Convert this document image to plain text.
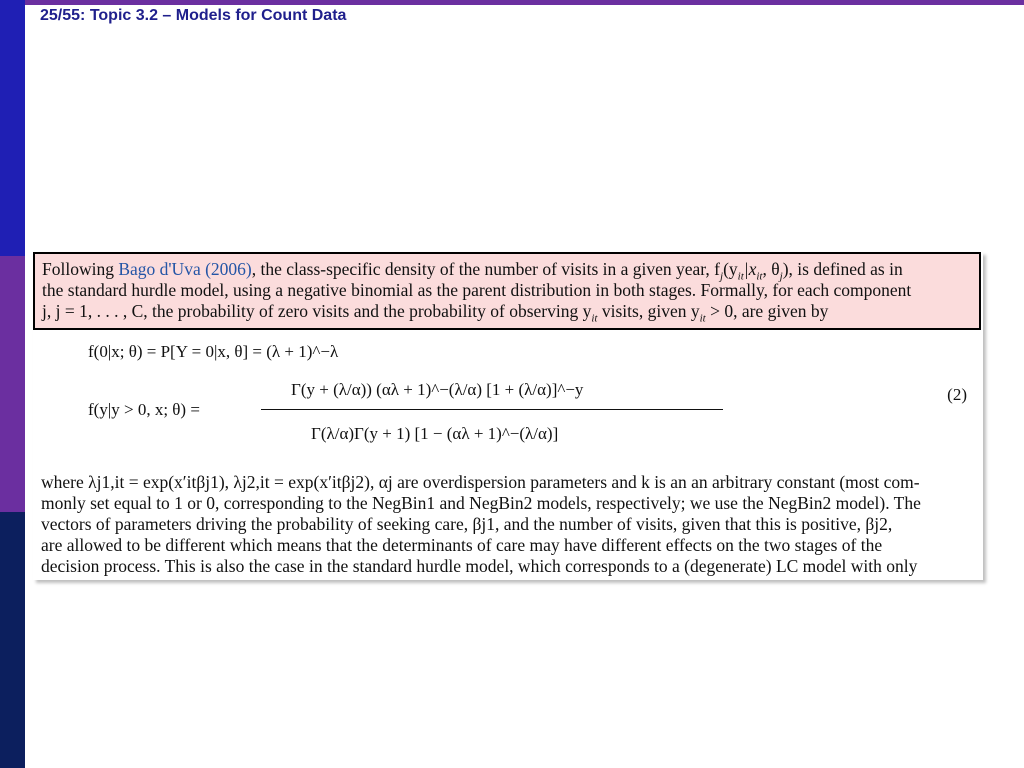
25/55: Topic 3.2 – Models for Count Data
Following Bago d'Uva (2006), the class-specific density of the number of visits in a given year, $f_j(y_{it}|x_{it}$, $\theta_j$), is defined as in
the standard hurdle model, using a negative binomial as the parent distribution in both stages. Formally, for each component
j, j = 1, . . . , C, the probability of zero visits and the probability of observing $y_{it}$ visits, given $y_{it} > 0$, are given by
f(0|x; θ) = P[Y = 0|x, θ] = (λ + 1)^−λ
f(y|y > 0, x; θ) =
Γ(y + (λ/α)) (αλ + 1)^−(λ/α) [1 + (λ/α)]^−y
Γ(λ/α)Γ(y + 1) [1 − (αλ + 1)^−(λ/α)]
(2)
where λj1,it = exp(x′itβj1), λj2,it = exp(x′itβj2), αj are overdispersion parameters and k is an an arbitrary constant (most com-
monly set equal to 1 or 0, corresponding to the NegBin1 and NegBin2 models, respectively; we use the NegBin2 model). The
vectors of parameters driving the probability of seeking care, βj1, and the number of visits, given that this is positive, βj2,
are allowed to be different which means that the determinants of care may have different effects on the two stages of the
decision process. This is also the case in the standard hurdle model, which corresponds to a (degenerate) LC model with only
